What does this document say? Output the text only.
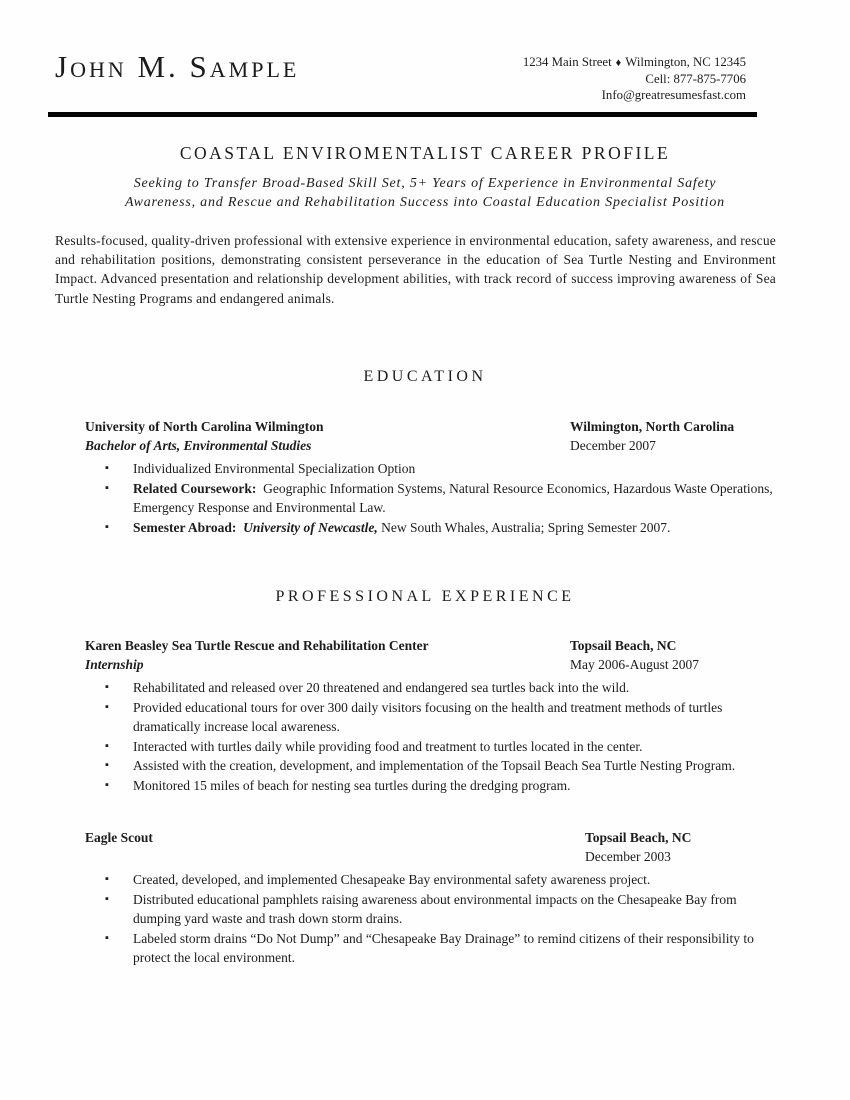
John M. Sample	1234 Main Street ♦ Wilmington, NC 12345
Cell: 877-875-7706
Info@greatresumesfast.com
COASTAL ENVIROMENTALIST CAREER PROFILE
Seeking to Transfer Broad-Based Skill Set, 5+ Years of Experience in Environmental Safety
Awareness, and Rescue and Rehabilitation Success into Coastal Education Specialist Position
Results-focused, quality-driven professional with extensive experience in environmental education, safety awareness, and rescue and rehabilitation positions, demonstrating consistent perseverance in the education of Sea Turtle Nesting and Environment Impact. Advanced presentation and relationship development abilities, with track record of success improving awareness of Sea Turtle Nesting Programs and endangered animals.
EDUCATION
University of North Carolina Wilmington	Wilmington, North Carolina
Bachelor of Arts, Environmental Studies	December 2007
▪ Individualized Environmental Specialization Option
▪ Related Coursework:  Geographic Information Systems, Natural Resource Economics, Hazardous Waste Operations, Emergency Response and Environmental Law.
▪ Semester Abroad: University of Newcastle, New South Whales, Australia; Spring Semester 2007.
PROFESSIONAL EXPERIENCE
Karen Beasley Sea Turtle Rescue and Rehabilitation Center	Topsail Beach, NC
Internship	May 2006-August 2007
▪ Rehabilitated and released over 20 threatened and endangered sea turtles back into the wild.
▪ Provided educational tours for over 300 daily visitors focusing on the health and treatment methods of turtles dramatically increase local awareness.
▪ Interacted with turtles daily while providing food and treatment to turtles located in the center.
▪ Assisted with the creation, development, and implementation of the Topsail Beach Sea Turtle Nesting Program.
▪ Monitored 15 miles of beach for nesting sea turtles during the dredging program.
Eagle Scout	Topsail Beach, NC
December 2003
▪ Created, developed, and implemented Chesapeake Bay environmental safety awareness project.
▪ Distributed educational pamphlets raising awareness about environmental impacts on the Chesapeake Bay from dumping yard waste and trash down storm drains.
▪ Labeled storm drains “Do Not Dump” and “Chesapeake Bay Drainage” to remind citizens of their responsibility to protect the local environment.
